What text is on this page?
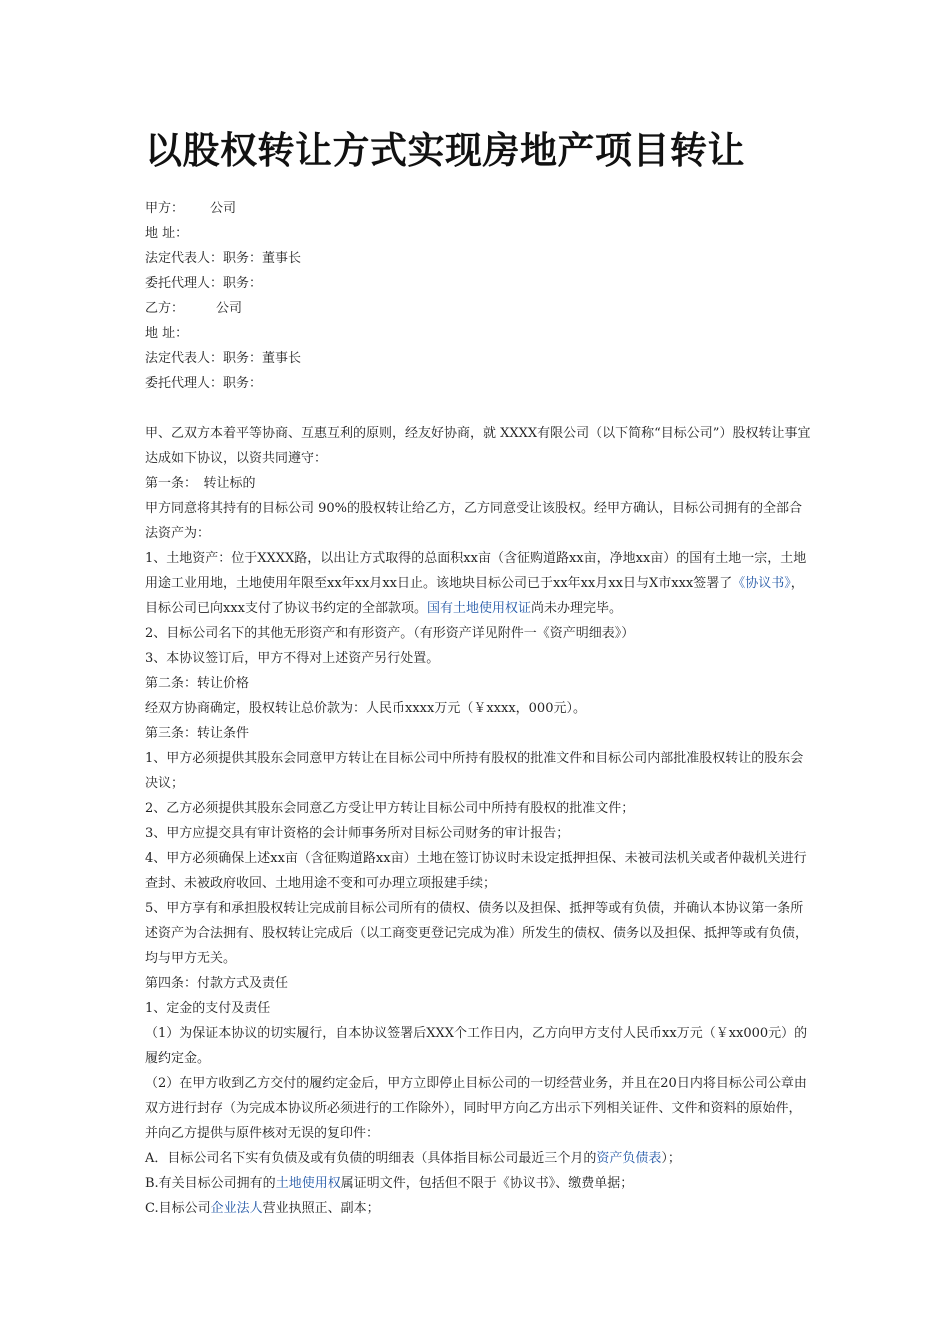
以股权转让方式实现房地产项目转让

甲方： 公司

地 址：

法定代表人：职务：董事长

委托代理人：职务：

乙方： 公司

地 址：

法定代表人：职务：董事长

委托代理人：职务：

甲、乙双方本着平等协商、互惠互利的原则，经友好协商，就 XXXX有限公司（以下简称“目标公司”）股权转让事宜达成如下协议，以资共同遵守：

第一条：　转让标的

甲方同意将其持有的目标公司 90%的股权转让给乙方，乙方同意受让该股权。经甲方确认，目标公司拥有的全部合法资产为：

1、土地资产：位于XXXX路，以出让方式取得的总面积xx亩（含征购道路xx亩，净地xx亩）的国有土地一宗，土地用途工业用地，土地使用年限至xx年xx月xx日止。该地块目标公司已于xx年xx月xx日与X市xxx签署了《协议书》，目标公司已向xxx支付了协议书约定的全部款项。国有土地使用权证尚未办理完毕。

2、目标公司名下的其他无形资产和有形资产。（有形资产详见附件一《资产明细表》）

3、本协议签订后，甲方不得对上述资产另行处置。

第二条：转让价格

经双方协商确定，股权转让总价款为：人民币xxxx万元（￥xxxx，000元）。

第三条：转让条件

1、甲方必须提供其股东会同意甲方转让在目标公司中所持有股权的批准文件和目标公司内部批准股权转让的股东会决议；

2、乙方必须提供其股东会同意乙方受让甲方转让目标公司中所持有股权的批准文件；

3、甲方应提交具有审计资格的会计师事务所对目标公司财务的审计报告；

4、甲方必须确保上述xx亩（含征购道路xx亩）土地在签订协议时未设定抵押担保、未被司法机关或者仲裁机关进行查封、未被政府收回、土地用途不变和可办理立项报建手续；

5、甲方享有和承担股权转让完成前目标公司所有的债权、债务以及担保、抵押等或有负债，并确认本协议第一条所述资产为合法拥有、股权转让完成后（以工商变更登记完成为准）所发生的债权、债务以及担保、抵押等或有负债，均与甲方无关。

第四条：付款方式及责任

1、定金的支付及责任

（1）为保证本协议的切实履行，自本协议签署后XXX个工作日内，乙方向甲方支付人民币xx万元（￥xx000元）的履约定金。

（2）在甲方收到乙方交付的履约定金后，甲方立即停止目标公司的一切经营业务，并且在20日内将目标公司公章由双方进行封存（为完成本协议所必须进行的工作除外），同时甲方向乙方出示下列相关证件、文件和资料的原始件，并向乙方提供与原件核对无误的复印件：

A．目标公司名下实有负债及或有负债的明细表（具体指目标公司最近三个月的资产负债表）；

B.有关目标公司拥有的土地使用权属证明文件，包括但不限于《协议书》、缴费单据；

C.目标公司企业法人营业执照正、副本；
